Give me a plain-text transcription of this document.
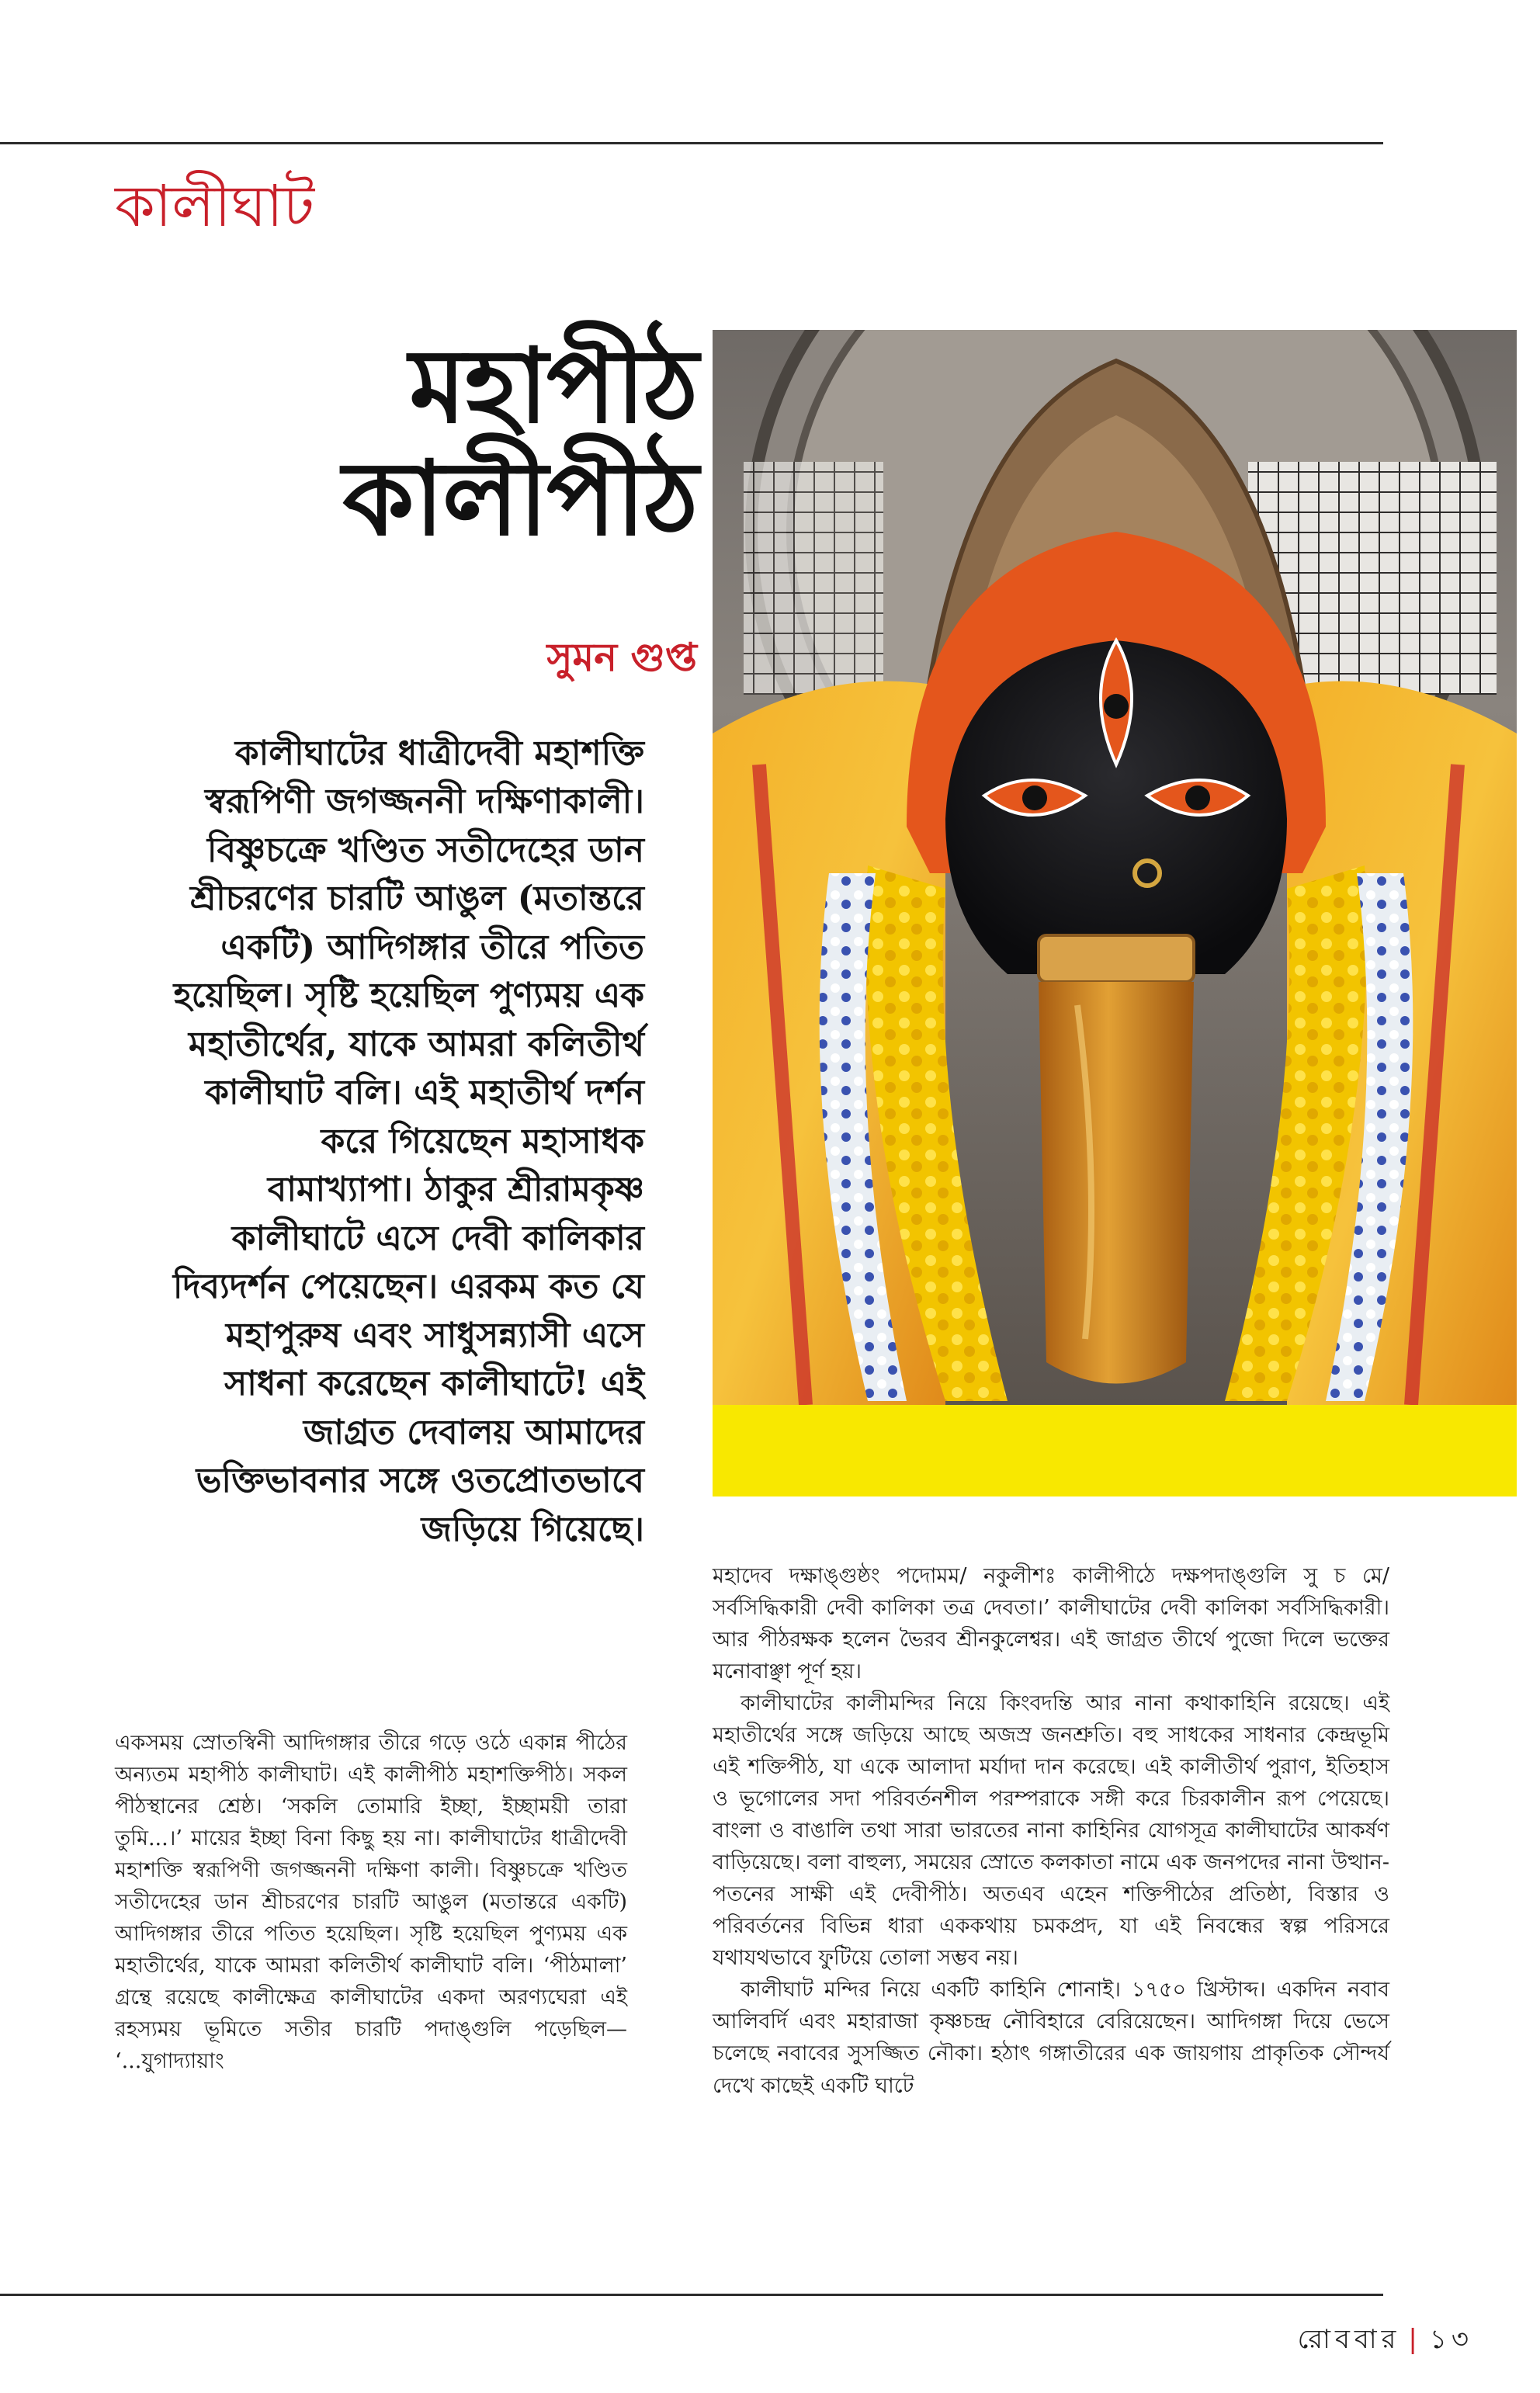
কালীঘাট
মহাপীঠ
কালীপীঠ
সুমন গুপ্ত
কালীঘাটের ধাত্রীদেবী মহাশক্তি স্বরূপিণী জগজ্জননী দক্ষিণাকালী। বিষ্ণুচক্রে খণ্ডিত সতীদেহের ডান শ্রীচরণের চারটি আঙুল (মতান্তরে একটি) আদিগঙ্গার তীরে পতিত হয়েছিল। সৃষ্টি হয়েছিল পুণ্যময় এক মহাতীর্থের, যাকে আমরা কলিতীর্থ কালীঘাট বলি। এই মহাতীর্থ দর্শন করে গিয়েছেন মহাসাধক বামাখ্যাপা। ঠাকুর শ্রীরামকৃষ্ণ কালীঘাটে এসে দেবী কালিকার দিব্যদর্শন পেয়েছেন। এরকম কত যে মহাপুরুষ এবং সাধুসন্ন্যাসী এসে সাধনা করেছেন কালীঘাটে! এই জাগ্রত দেবালয় আমাদের ভক্তিভাবনার সঙ্গে ওতপ্রোতভাবে জড়িয়ে গিয়েছে।

একসময় স্রোতস্বিনী আদিগঙ্গার তীরে গড়ে ওঠে একান্ন পীঠের অন্যতম মহাপীঠ কালীঘাট। এই কালীপীঠ মহাশক্তিপীঠ। সকল পীঠস্থানের শ্রেষ্ঠ। ‘সকলি তোমারি ইচ্ছা, ইচ্ছাময়ী তারা তুমি...।’ মায়ের ইচ্ছা বিনা কিছু হয় না। কালীঘাটের ধাত্রীদেবী মহাশক্তি স্বরূপিণী জগজ্জননী দক্ষিণা কালী। বিষ্ণুচক্রে খণ্ডিত সতীদেহের ডান শ্রীচরণের চারটি আঙুল (মতান্তরে একটি) আদিগঙ্গার তীরে পতিত হয়েছিল। সৃষ্টি হয়েছিল পুণ্যময় এক মহাতীর্থের, যাকে আমরা কলিতীর্থ কালীঘাট বলি। ‘পীঠমালা’ গ্রন্থে রয়েছে কালীক্ষেত্র কালীঘাটের একদা অরণ্যঘেরা এই রহস্যময় ভূমিতে সতীর চারটি পদাঙ্গুলি পড়েছিল— ‘...যুগাদ্যায়াং

মহাদেব দক্ষাঙ্গুষ্ঠং পদোমম/ নকুলীশঃ কালীপীঠে দক্ষপদাঙ্গুলি সু চ মে/ সর্বসিদ্ধিকারী দেবী কালিকা তত্র দেবতা।’ কালীঘাটের দেবী কালিকা সর্বসিদ্ধিকারী। আর পীঠরক্ষক হলেন ভৈরব শ্রীনকুলেশ্বর। এই জাগ্রত তীর্থে পুজো দিলে ভক্তের মনোবাঞ্ছা পূর্ণ হয়।

কালীঘাটের কালীমন্দির নিয়ে কিংবদন্তি আর নানা কথাকাহিনি রয়েছে। এই মহাতীর্থের সঙ্গে জড়িয়ে আছে অজস্র জনশ্রুতি। বহু সাধকের সাধনার কেন্দ্রভূমি এই শক্তিপীঠ, যা একে আলাদা মর্যাদা দান করেছে। এই কালীতীর্থ পুরাণ, ইতিহাস ও ভূগোলের সদা পরিবর্তনশীল পরম্পরাকে সঙ্গী করে চিরকালীন রূপ পেয়েছে। বাংলা ও বাঙালি তথা সারা ভারতের নানা কাহিনির যোগসূত্র কালীঘাটের আকর্ষণ বাড়িয়েছে। বলা বাহুল্য, সময়ের স্রোতে কলকাতা নামে এক জনপদের নানা উত্থান-পতনের সাক্ষী এই দেবীপীঠ। অতএব এহেন শক্তিপীঠের প্রতিষ্ঠা, বিস্তার ও পরিবর্তনের বিভিন্ন ধারা এককথায় চমকপ্রদ, যা এই নিবন্ধের স্বল্প পরিসরে যথাযথভাবে ফুটিয়ে তোলা সম্ভব নয়।

কালীঘাট মন্দির নিয়ে একটি কাহিনি শোনাই। ১৭৫০ খ্রিস্টাব্দ। একদিন নবাব আলিবর্দি এবং মহারাজা কৃষ্ণচন্দ্র নৌবিহারে বেরিয়েছেন। আদিগঙ্গা দিয়ে ভেসে চলেছে নবাবের সুসজ্জিত নৌকা। হঠাৎ গঙ্গাতীরের এক জায়গায় প্রাকৃতিক সৌন্দর্য দেখে কাছেই একটি ঘাটে

রোববার | ১৩
